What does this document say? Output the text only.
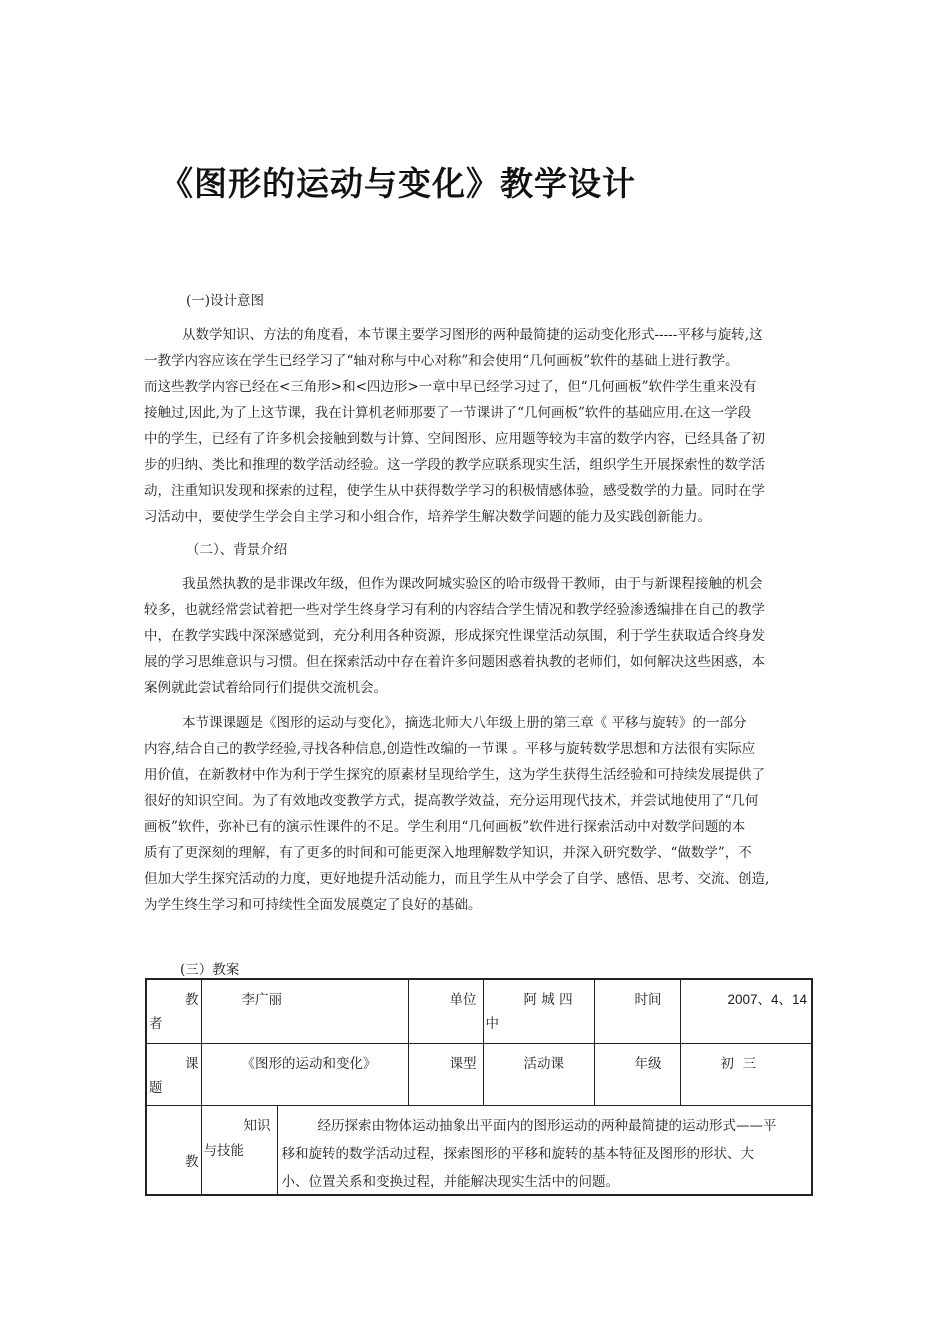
《图形的运动与变化》教学设计
(一)设计意图
从数学知识、方法的角度看，本节课主要学习图形的两种最简捷的运动变化形式-----平移与旋转,这
一教学内容应该在学生已经学习了“轴对称与中心对称”和会使用“几何画板”软件的基础上进行教学。
而这些教学内容已经在<三角形>和<四边形>一章中早已经学习过了，但“几何画板”软件学生重来没有
接触过,因此,为了上这节课，我在计算机老师那要了一节课讲了“几何画板”软件的基础应用.在这一学段
中的学生，已经有了许多机会接触到数与计算、空间图形、应用题等较为丰富的数学内容，已经具备了初
步的归纳、类比和推理的数学活动经验。这一学段的教学应联系现实生活，组织学生开展探索性的数学活
动，注重知识发现和探索的过程，使学生从中获得数学学习的积极情感体验，感受数学的力量。同时在学
习活动中，要使学生学会自主学习和小组合作，培养学生解决数学问题的能力及实践创新能力。
（二）、背景介绍
我虽然执教的是非课改年级，但作为课改阿城实验区的哈市级骨干教师，由于与新课程接触的机会
较多，也就经常尝试着把一些对学生终身学习有利的内容结合学生情况和教学经验渗透编排在自己的教学
中，在教学实践中深深感觉到，充分利用各种资源，形成探究性课堂活动氛围，利于学生获取适合终身发
展的学习思维意识与习惯。但在探索活动中存在着许多问题困惑着执教的老师们，如何解决这些困惑，本
案例就此尝试着给同行们提供交流机会。
本节课课题是《图形的运动与变化》，摘选北师大八年级上册的第三章《 平移与旋转》的一部分
内容,结合自己的教学经验,寻找各种信息,创造性改编的一节课 。平移与旋转数学思想和方法很有实际应
用价值，在新教材中作为利于学生探究的原素材呈现给学生，这为学生获得生活经验和可持续发展提供了
很好的知识空间。为了有效地改变教学方式，提高教学效益，充分运用现代技术，并尝试地使用了“几何
画板”软件，弥补已有的演示性课件的不足。学生利用“几何画板”软件进行探索活动中对数学问题的本
质有了更深刻的理解，有了更多的时间和可能更深入地理解数学知识，并深入研究数学、“做数学”，不
但加大学生探究活动的力度，更好地提升活动能力，而且学生从中学会了自学、感悟、思考、交流、创造,
为学生终生学习和可持续性全面发展奠定了良好的基础。
(三）教案
教
者	李广丽		单位	阿 城 四
中	时间	2007、4、14

课
题	《图形的运动和变化》		课型	活动课	年级	初  三

教	知识
与技能	经历探索由物体运动抽象出平面内的图形运动的两种最简捷的运动形式——平
移和旋转的数学活动过程，探索图形的平移和旋转的基本特征及图形的形状、大
小、位置关系和变换过程，并能解决现实生活中的问题。				
